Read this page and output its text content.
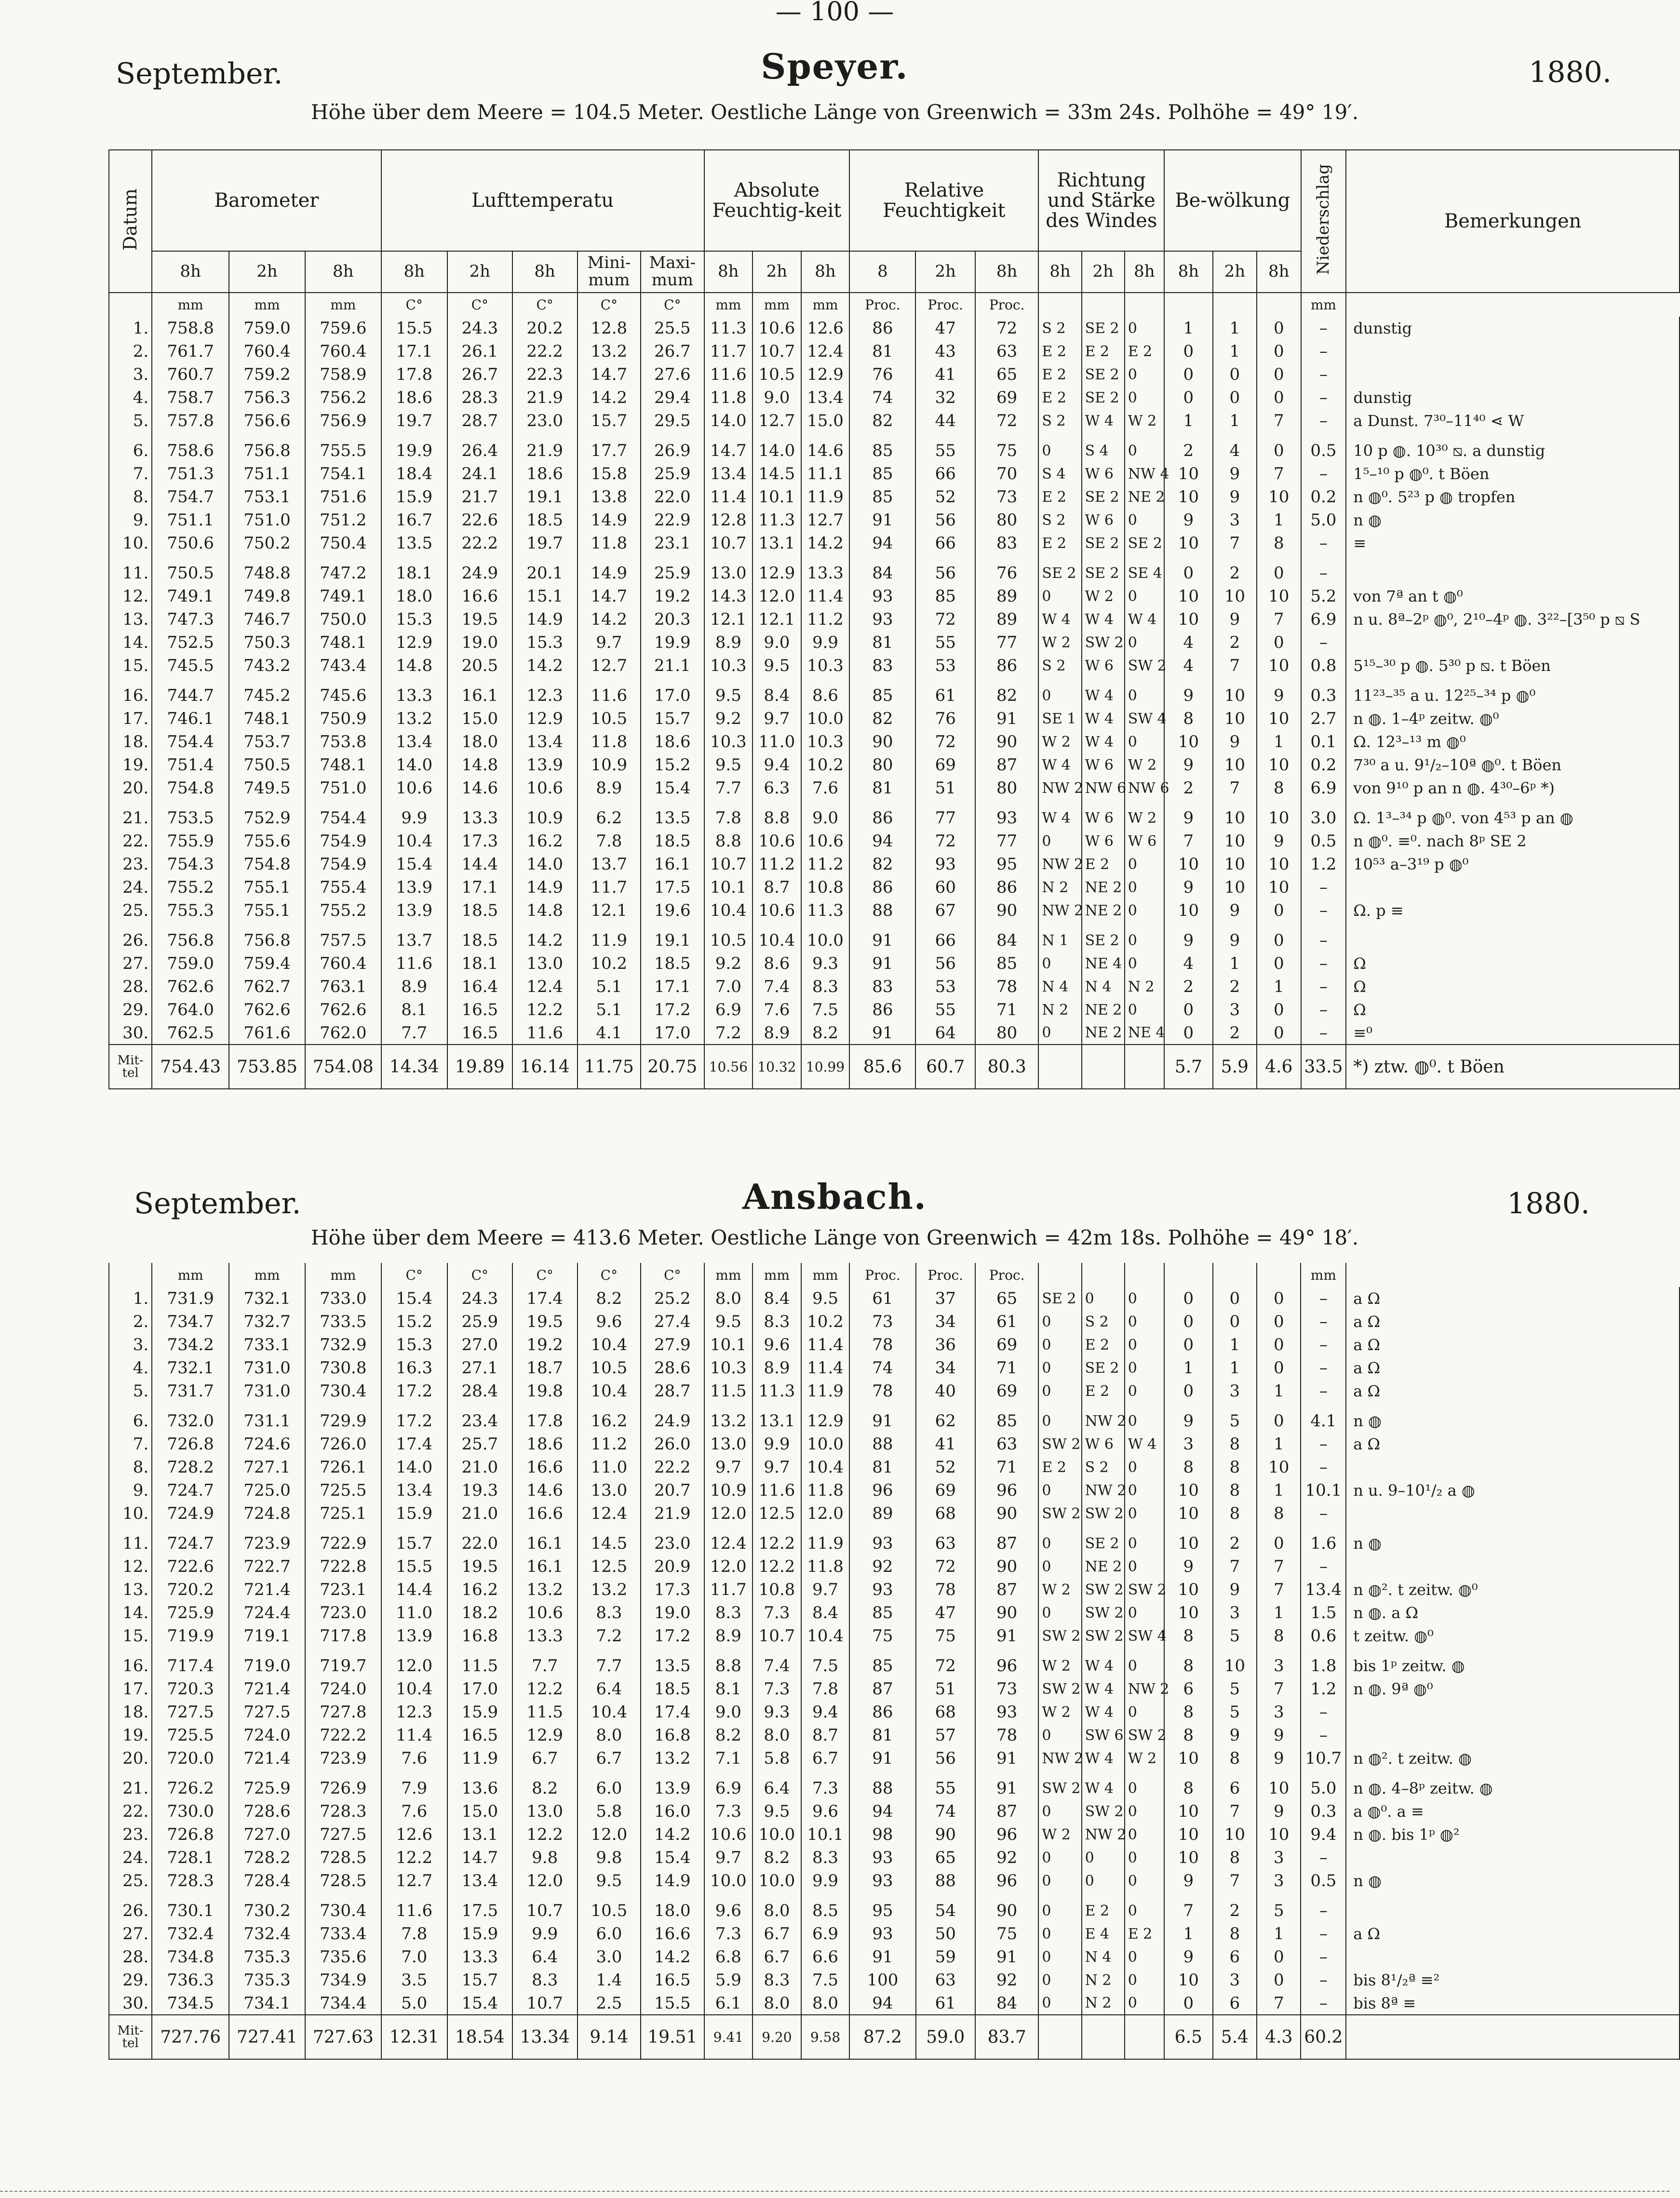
— 100 —
September.	Speyer.	1880.
Höhe über dem Meere = 104.5 Meter. Oestliche Länge von Greenwich = 33m 24s. Polhöhe = 49° 19′.
Datum	Barometer			Lufttemperatu					Absolute Feuchtig-keit			Relative Feuchtigkeit			Richtung und Stärke des Windes			Be-wölkung			Niederschlag	Bemerkungen
	8h	2h	8h	8h	2h	8h	Mini-mum	Maxi-mum	8h	2h	8h	8	2h	8h	8h	2h	8h	8h	2h	8h		
	mm	mm	mm	C°	C°	C°	C°	C°	mm	mm	mm	Proc.	Proc.	Proc.							mm	
1.	758.8	759.0	759.6	15.5	24.3	20.2	12.8	25.5	11.3	10.6	12.6	86	47	72	S 2	SE 2	0	1	1	0	–	dunstig
2.	761.7	760.4	760.4	17.1	26.1	22.2	13.2	26.7	11.7	10.7	12.4	81	43	63	E 2	E 2	E 2	0	1	0	–	
3.	760.7	759.2	758.9	17.8	26.7	22.3	14.7	27.6	11.6	10.5	12.9	76	41	65	E 2	SE 2	0	0	0	0	–	
4.	758.7	756.3	756.2	18.6	28.3	21.9	14.2	29.4	11.8	9.0	13.4	74	32	69	E 2	SE 2	0	0	0	0	–	dunstig
5.	757.8	756.6	756.9	19.7	28.7	23.0	15.7	29.5	14.0	12.7	15.0	82	44	72	S 2	W 4	W 2	1	1	7	–	a Dunst. 7³⁰–11⁴⁰ ⋖ W

6.	758.6	756.8	755.5	19.9	26.4	21.9	17.7	26.9	14.7	14.0	14.6	85	55	75	0	S 4	0	2	4	0	0.5	10 p ◍. 10³⁰ ⧅. a dunstig
7.	751.3	751.1	754.1	18.4	24.1	18.6	15.8	25.9	13.4	14.5	11.1	85	66	70	S 4	W 6	NW 4	10	9	7	–	1⁵–¹⁰ p ◍⁰. t Böen
8.	754.7	753.1	751.6	15.9	21.7	19.1	13.8	22.0	11.4	10.1	11.9	85	52	73	E 2	SE 2	NE 2	10	9	10	0.2	n ◍⁰. 5²³ p ◍ tropfen
9.	751.1	751.0	751.2	16.7	22.6	18.5	14.9	22.9	12.8	11.3	12.7	91	56	80	S 2	W 6	0	9	3	1	5.0	n ◍
10.	750.6	750.2	750.4	13.5	22.2	19.7	11.8	23.1	10.7	13.1	14.2	94	66	83	E 2	SE 2	SE 2	10	7	8	–	≡

11.	750.5	748.8	747.2	18.1	24.9	20.1	14.9	25.9	13.0	12.9	13.3	84	56	76	SE 2	SE 2	SE 4	0	2	0	–	
12.	749.1	749.8	749.1	18.0	16.6	15.1	14.7	19.2	14.3	12.0	11.4	93	85	89	0	W 2	0	10	10	10	5.2	von 7ª an t ◍⁰
13.	747.3	746.7	750.0	15.3	19.5	14.9	14.2	20.3	12.1	12.1	11.2	93	72	89	W 4	W 4	W 4	10	9	7	6.9	n u. 8ª–2ᵖ ◍⁰, 2¹⁰–4ᵖ ◍. 3²²–[3⁵⁰ p ⧅ S
14.	752.5	750.3	748.1	12.9	19.0	15.3	9.7	19.9	8.9	9.0	9.9	81	55	77	W 2	SW 2	0	4	2	0	–	
15.	745.5	743.2	743.4	14.8	20.5	14.2	12.7	21.1	10.3	9.5	10.3	83	53	86	S 2	W 6	SW 2	4	7	10	0.8	5¹⁵–³⁰ p ◍. 5³⁰ p ⧅. t Böen

16.	744.7	745.2	745.6	13.3	16.1	12.3	11.6	17.0	9.5	8.4	8.6	85	61	82	0	W 4	0	9	10	9	0.3	11²³–³⁵ a u. 12²⁵–³⁴ p ◍⁰
17.	746.1	748.1	750.9	13.2	15.0	12.9	10.5	15.7	9.2	9.7	10.0	82	76	91	SE 1	W 4	SW 4	8	10	10	2.7	n ◍. 1–4ᵖ zeitw. ◍⁰
18.	754.4	753.7	753.8	13.4	18.0	13.4	11.8	18.6	10.3	11.0	10.3	90	72	90	W 2	W 4	0	10	9	1	0.1	Ω. 12³–¹³ m ◍⁰
19.	751.4	750.5	748.1	14.0	14.8	13.9	10.9	15.2	9.5	9.4	10.2	80	69	87	W 4	W 6	W 2	9	10	10	0.2	7³⁰ a u. 9¹/₂–10ª ◍⁰. t Böen
20.	754.8	749.5	751.0	10.6	14.6	10.6	8.9	15.4	7.7	6.3	7.6	81	51	80	NW 2	NW 6	NW 6	2	7	8	6.9	von 9¹⁰ p an n ◍. 4³⁰–6ᵖ *)

21.	753.5	752.9	754.4	9.9	13.3	10.9	6.2	13.5	7.8	8.8	9.0	86	77	93	W 4	W 6	W 2	9	10	10	3.0	Ω. 1³–³⁴ p ◍⁰. von 4⁵³ p an ◍
22.	755.9	755.6	754.9	10.4	17.3	16.2	7.8	18.5	8.8	10.6	10.6	94	72	77	0	W 6	W 6	7	10	9	0.5	n ◍⁰. ≡⁰. nach 8ᵖ SE 2
23.	754.3	754.8	754.9	15.4	14.4	14.0	13.7	16.1	10.7	11.2	11.2	82	93	95	NW 2	E 2	0	10	10	10	1.2	10⁵³ a–3¹⁹ p ◍⁰
24.	755.2	755.1	755.4	13.9	17.1	14.9	11.7	17.5	10.1	8.7	10.8	86	60	86	N 2	NE 2	0	9	10	10	–	
25.	755.3	755.1	755.2	13.9	18.5	14.8	12.1	19.6	10.4	10.6	11.3	88	67	90	NW 2	NE 2	0	10	9	0	–	Ω. p ≡

26.	756.8	756.8	757.5	13.7	18.5	14.2	11.9	19.1	10.5	10.4	10.0	91	66	84	N 1	SE 2	0	9	9	0	–	
27.	759.0	759.4	760.4	11.6	18.1	13.0	10.2	18.5	9.2	8.6	9.3	91	56	85	0	NE 4	0	4	1	0	–	Ω
28.	762.6	762.7	763.1	8.9	16.4	12.4	5.1	17.1	7.0	7.4	8.3	83	53	78	N 4	N 4	N 2	2	2	1	–	Ω
29.	764.0	762.6	762.6	8.1	16.5	12.2	5.1	17.2	6.9	7.6	7.5	86	55	71	N 2	NE 2	0	0	3	0	–	Ω
30.	762.5	761.6	762.0	7.7	16.5	11.6	4.1	17.0	7.2	8.9	8.2	91	64	80	0	NE 2	NE 4	0	2	0	–	≡⁰
Mit-tel	754.43	753.85	754.08	14.34	19.89	16.14	11.75	20.75	10.56	10.32	10.99	85.6	60.7	80.3				5.7	5.9	4.6	33.5	*) ztw. ◍⁰. t Böen
September.	Ansbach.	1880.
Höhe über dem Meere = 413.6 Meter. Oestliche Länge von Greenwich = 42m 18s. Polhöhe = 49° 18′.
	mm	mm	mm	C°	C°	C°	C°	C°	mm	mm	mm	Proc.	Proc.	Proc.							mm	
1.	731.9	732.1	733.0	15.4	24.3	17.4	8.2	25.2	8.0	8.4	9.5	61	37	65	SE 2	0	0	0	0	0	–	a Ω
2.	734.7	732.7	733.5	15.2	25.9	19.5	9.6	27.4	9.5	8.3	10.2	73	34	61	0	S 2	0	0	0	0	–	a Ω
3.	734.2	733.1	732.9	15.3	27.0	19.2	10.4	27.9	10.1	9.6	11.4	78	36	69	0	E 2	0	0	1	0	–	a Ω
4.	732.1	731.0	730.8	16.3	27.1	18.7	10.5	28.6	10.3	8.9	11.4	74	34	71	0	SE 2	0	1	1	0	–	a Ω
5.	731.7	731.0	730.4	17.2	28.4	19.8	10.4	28.7	11.5	11.3	11.9	78	40	69	0	E 2	0	0	3	1	–	a Ω

6.	732.0	731.1	729.9	17.2	23.4	17.8	16.2	24.9	13.2	13.1	12.9	91	62	85	0	NW 2	0	9	5	0	4.1	n ◍
7.	726.8	724.6	726.0	17.4	25.7	18.6	11.2	26.0	13.0	9.9	10.0	88	41	63	SW 2	W 6	W 4	3	8	1	–	a Ω
8.	728.2	727.1	726.1	14.0	21.0	16.6	11.0	22.2	9.7	9.7	10.4	81	52	71	E 2	S 2	0	8	8	10	–	
9.	724.7	725.0	725.5	13.4	19.3	14.6	13.0	20.7	10.9	11.6	11.8	96	69	96	0	NW 2	0	10	8	1	10.1	n u. 9–10¹/₂ a ◍
10.	724.9	724.8	725.1	15.9	21.0	16.6	12.4	21.9	12.0	12.5	12.0	89	68	90	SW 2	SW 2	0	10	8	8	–	

11.	724.7	723.9	722.9	15.7	22.0	16.1	14.5	23.0	12.4	12.2	11.9	93	63	87	0	SE 2	0	10	2	0	1.6	n ◍
12.	722.6	722.7	722.8	15.5	19.5	16.1	12.5	20.9	12.0	12.2	11.8	92	72	90	0	NE 2	0	9	7	7	–	
13.	720.2	721.4	723.1	14.4	16.2	13.2	13.2	17.3	11.7	10.8	9.7	93	78	87	W 2	SW 2	SW 2	10	9	7	13.4	n ◍². t zeitw. ◍⁰
14.	725.9	724.4	723.0	11.0	18.2	10.6	8.3	19.0	8.3	7.3	8.4	85	47	90	0	SW 2	0	10	3	1	1.5	n ◍. a Ω
15.	719.9	719.1	717.8	13.9	16.8	13.3	7.2	17.2	8.9	10.7	10.4	75	75	91	SW 2	SW 2	SW 4	8	5	8	0.6	t zeitw. ◍⁰

16.	717.4	719.0	719.7	12.0	11.5	7.7	7.7	13.5	8.8	7.4	7.5	85	72	96	W 2	W 4	0	8	10	3	1.8	bis 1ᵖ zeitw. ◍
17.	720.3	721.4	724.0	10.4	17.0	12.2	6.4	18.5	8.1	7.3	7.8	87	51	73	SW 2	W 4	NW 2	6	5	7	1.2	n ◍. 9ª ◍⁰
18.	727.5	727.5	727.8	12.3	15.9	11.5	10.4	17.4	9.0	9.3	9.4	86	68	93	W 2	W 4	0	8	5	3	–	
19.	725.5	724.0	722.2	11.4	16.5	12.9	8.0	16.8	8.2	8.0	8.7	81	57	78	0	SW 6	SW 2	8	9	9	–	
20.	720.0	721.4	723.9	7.6	11.9	6.7	6.7	13.2	7.1	5.8	6.7	91	56	91	NW 2	W 4	W 2	10	8	9	10.7	n ◍². t zeitw. ◍

21.	726.2	725.9	726.9	7.9	13.6	8.2	6.0	13.9	6.9	6.4	7.3	88	55	91	SW 2	W 4	0	8	6	10	5.0	n ◍. 4–8ᵖ zeitw. ◍
22.	730.0	728.6	728.3	7.6	15.0	13.0	5.8	16.0	7.3	9.5	9.6	94	74	87	0	SW 2	0	10	7	9	0.3	a ◍⁰. a ≡
23.	726.8	727.0	727.5	12.6	13.1	12.2	12.0	14.2	10.6	10.0	10.1	98	90	96	W 2	NW 2	0	10	10	10	9.4	n ◍. bis 1ᵖ ◍²
24.	728.1	728.2	728.5	12.2	14.7	9.8	9.8	15.4	9.7	8.2	8.3	93	65	92	0	0	0	10	8	3	–	
25.	728.3	728.4	728.5	12.7	13.4	12.0	9.5	14.9	10.0	10.0	9.9	93	88	96	0	0	0	9	7	3	0.5	n ◍

26.	730.1	730.2	730.4	11.6	17.5	10.7	10.5	18.0	9.6	8.0	8.5	95	54	90	0	E 2	0	7	2	5	–	
27.	732.4	732.4	733.4	7.8	15.9	9.9	6.0	16.6	7.3	6.7	6.9	93	50	75	0	E 4	E 2	1	8	1	–	a Ω
28.	734.8	735.3	735.6	7.0	13.3	6.4	3.0	14.2	6.8	6.7	6.6	91	59	91	0	N 4	0	9	6	0	–	
29.	736.3	735.3	734.9	3.5	15.7	8.3	1.4	16.5	5.9	8.3	7.5	100	63	92	0	N 2	0	10	3	0	–	bis 8¹/₂ª ≡²
30.	734.5	734.1	734.4	5.0	15.4	10.7	2.5	15.5	6.1	8.0	8.0	94	61	84	0	N 2	0	0	6	7	–	bis 8ª ≡
Mit-tel	727.76	727.41	727.63	12.31	18.54	13.34	9.14	19.51	9.41	9.20	9.58	87.2	59.0	83.7				6.5	5.4	4.3	60.2	
